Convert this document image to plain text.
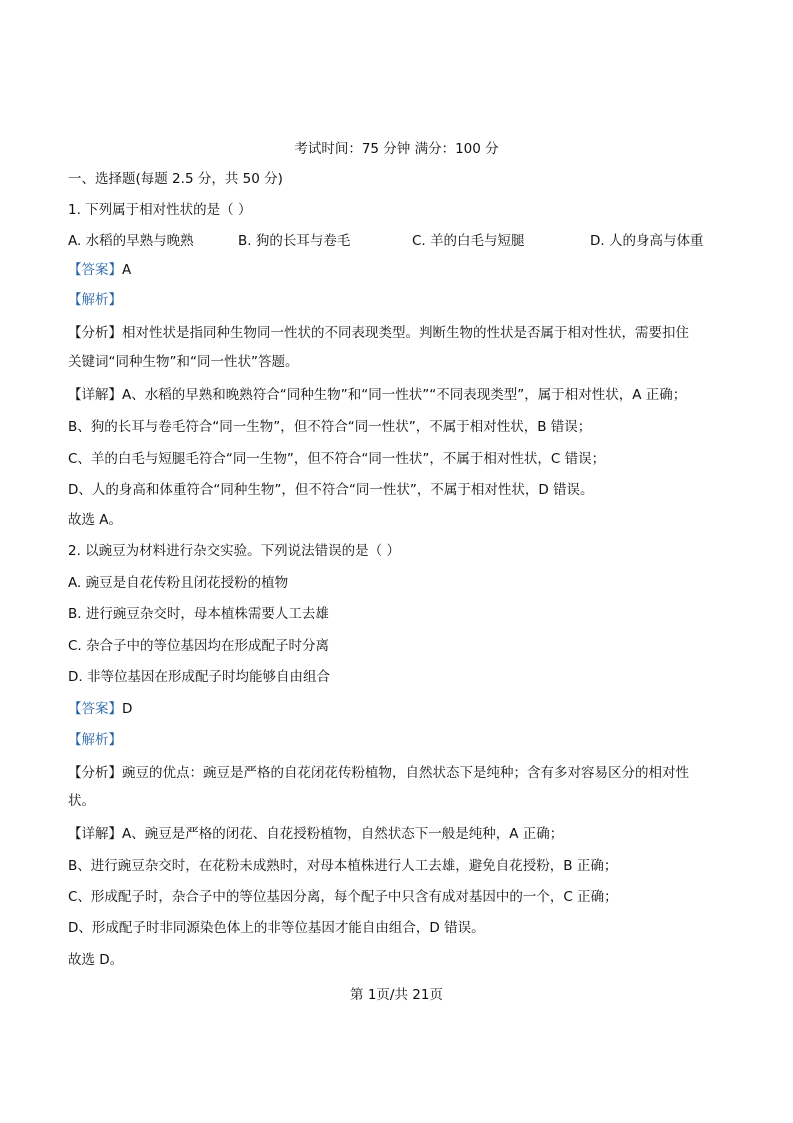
考试时间：75 分钟 满分：100 分
一、选择题(每题 2.5 分，共 50 分)
1. 下列属于相对性状的是（ ）
A. 水稻的早熟与晚熟	B. 狗的长耳与卷毛	C. 羊的白毛与短腿	D. 人的身高与体重
【答案】A
【解析】
【分析】相对性状是指同种生物同一性状的不同表现类型。判断生物的性状是否属于相对性状，需要扣住
关键词“同种生物”和“同一性状”答题。
【详解】A、水稻的早熟和晚熟符合“同种生物”和“同一性状”“不同表现类型”，属于相对性状，A 正确；
B、狗的长耳与卷毛符合“同一生物”，但不符合“同一性状”，不属于相对性状，B 错误；
C、羊的白毛与短腿毛符合“同一生物”，但不符合“同一性状”，不属于相对性状，C 错误；
D、人的身高和体重符合“同种生物”，但不符合“同一性状”，不属于相对性状，D 错误。
故选 A。
2. 以豌豆为材料进行杂交实验。下列说法错误的是（ ）
A. 豌豆是自花传粉且闭花授粉的植物
B. 进行豌豆杂交时，母本植株需要人工去雄
C. 杂合子中的等位基因均在形成配子时分离
D. 非等位基因在形成配子时均能够自由组合
【答案】D
【解析】
【分析】豌豆的优点：豌豆是严格的自花闭花传粉植物，自然状态下是纯种；含有多对容易区分的相对性
状。
【详解】A、豌豆是严格的闭花、自花授粉植物，自然状态下一般是纯种，A 正确；
B、进行豌豆杂交时，在花粉未成熟时，对母本植株进行人工去雄，避免自花授粉，B 正确；
C、形成配子时，杂合子中的等位基因分离，每个配子中只含有成对基因中的一个，C 正确；
D、形成配子时非同源染色体上的非等位基因才能自由组合，D 错误。
故选 D。
第 1页/共 21页
